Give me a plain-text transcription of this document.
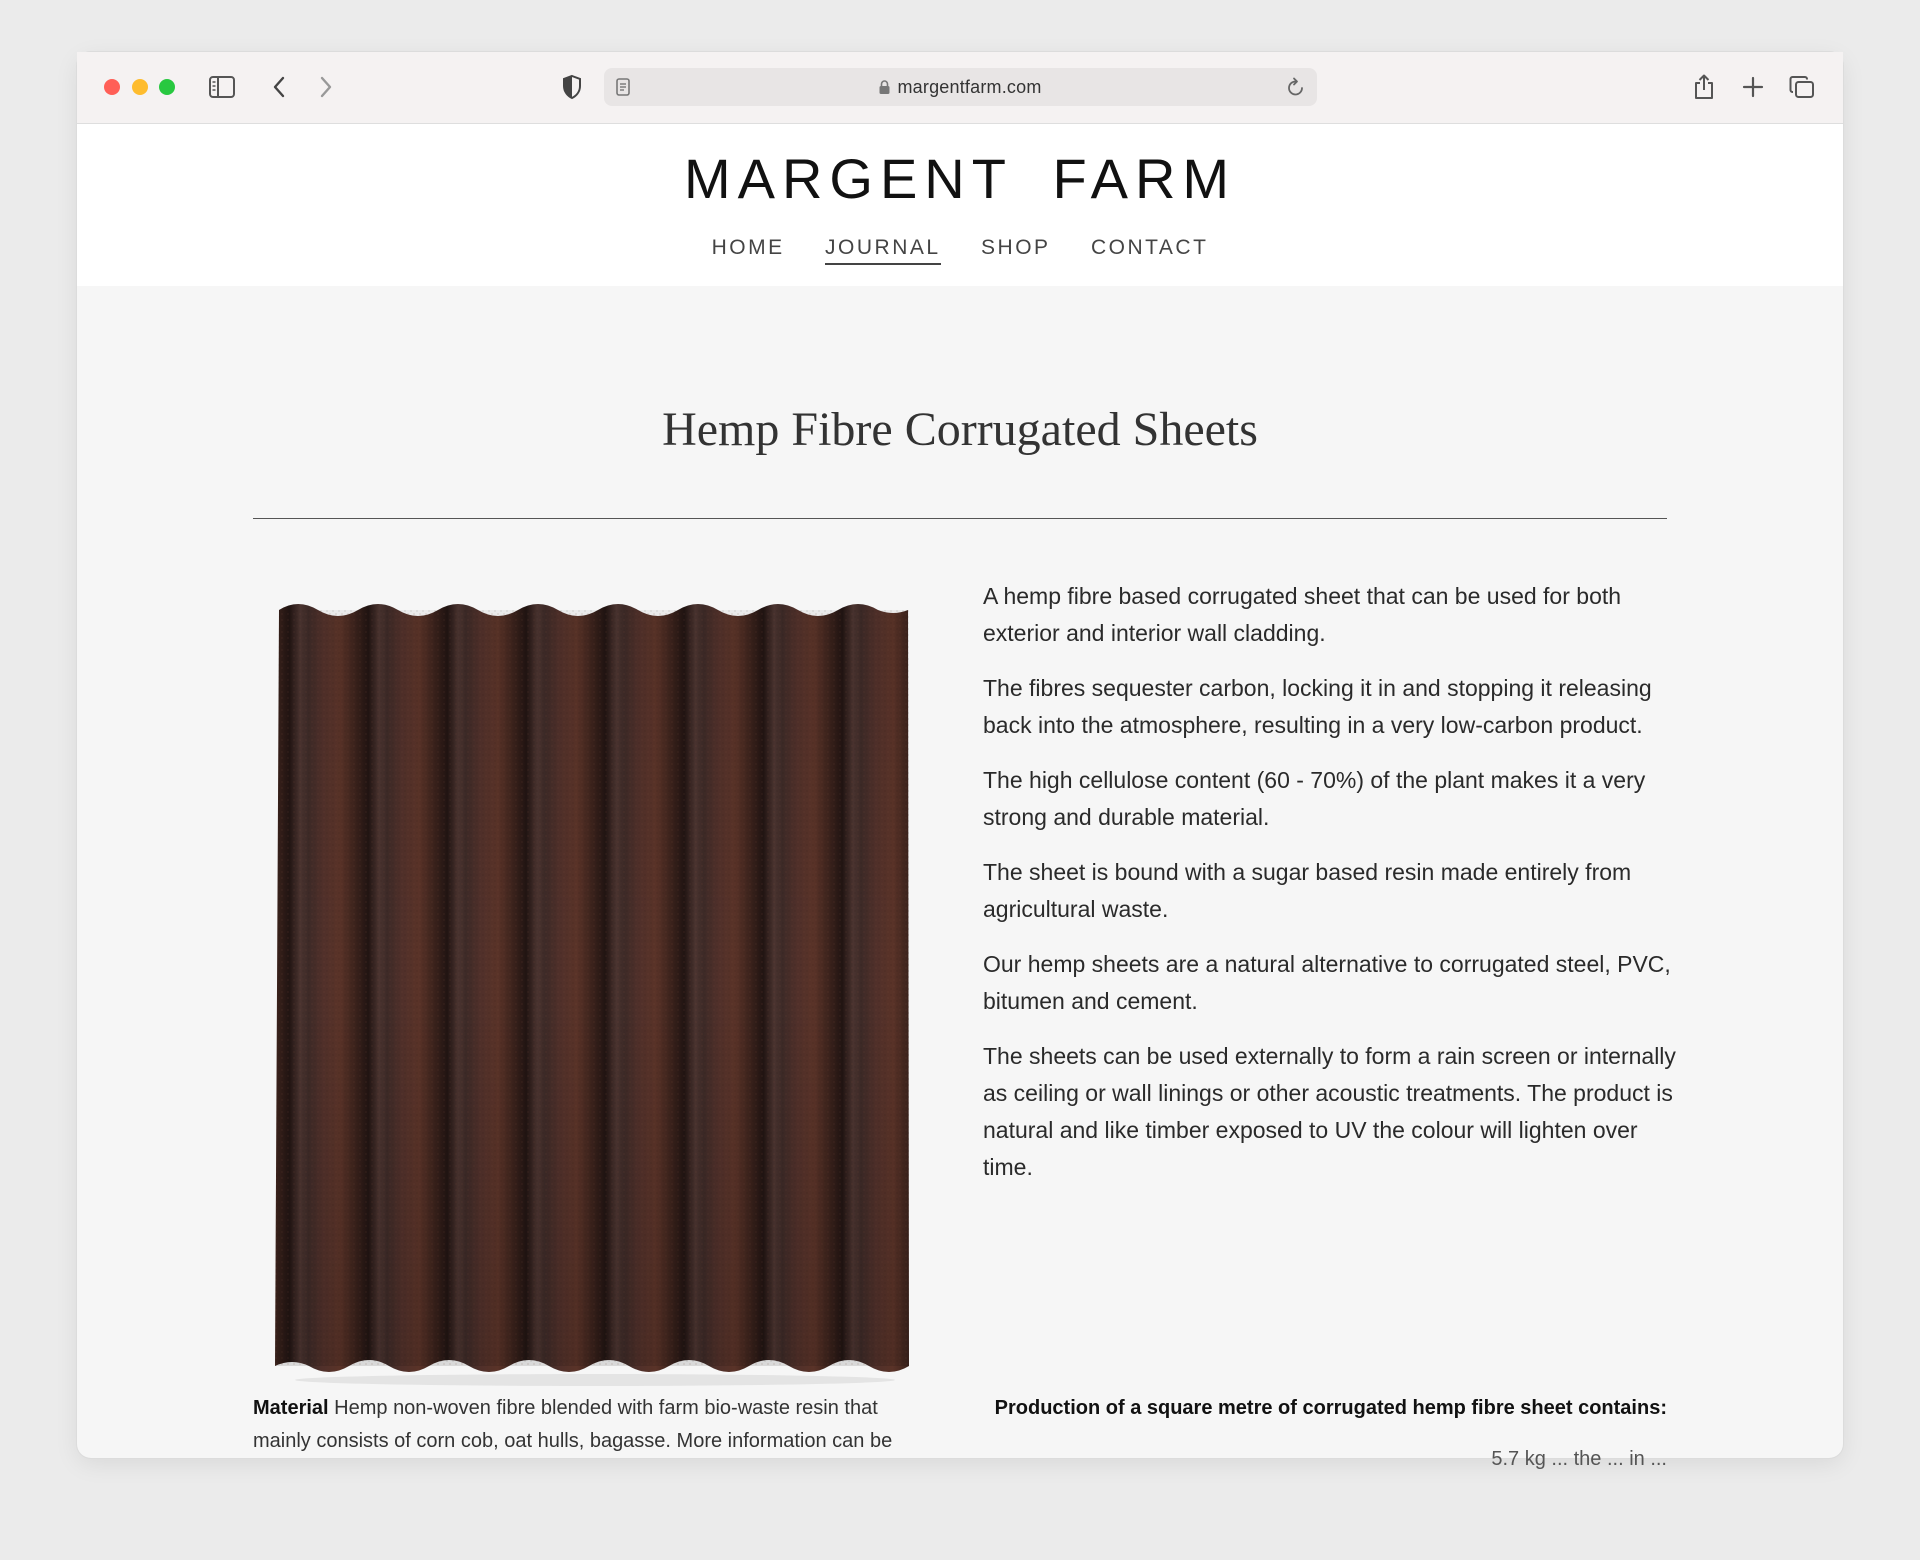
margentfarm.com
MARGENT FARM
HOME JOURNAL SHOP CONTACT
Hemp Fibre Corrugated Sheets

A hemp fibre based corrugated sheet that can be used for both exterior and interior wall cladding.

The fibres sequester carbon, locking it in and stopping it releasing back into the atmosphere, resulting in a very low-carbon product.

The high cellulose content (60 - 70%) of the plant makes it a very strong and durable material.

The sheet is bound with a sugar based resin made entirely from agricultural waste.

Our hemp sheets are a natural alternative to corrugated steel, PVC, bitumen and cement.

The sheets can be used externally to form a rain screen or internally as ceiling or wall linings or other acoustic treatments. The product is natural and like timber exposed to UV the colour will lighten over time.

Material Hemp non-woven fibre blended with farm bio-waste resin that mainly consists of corn cob, oat hulls, bagasse. More information can be
Production of a square metre of corrugated hemp fibre sheet contains:
5.7 kg ... the ... in ...
